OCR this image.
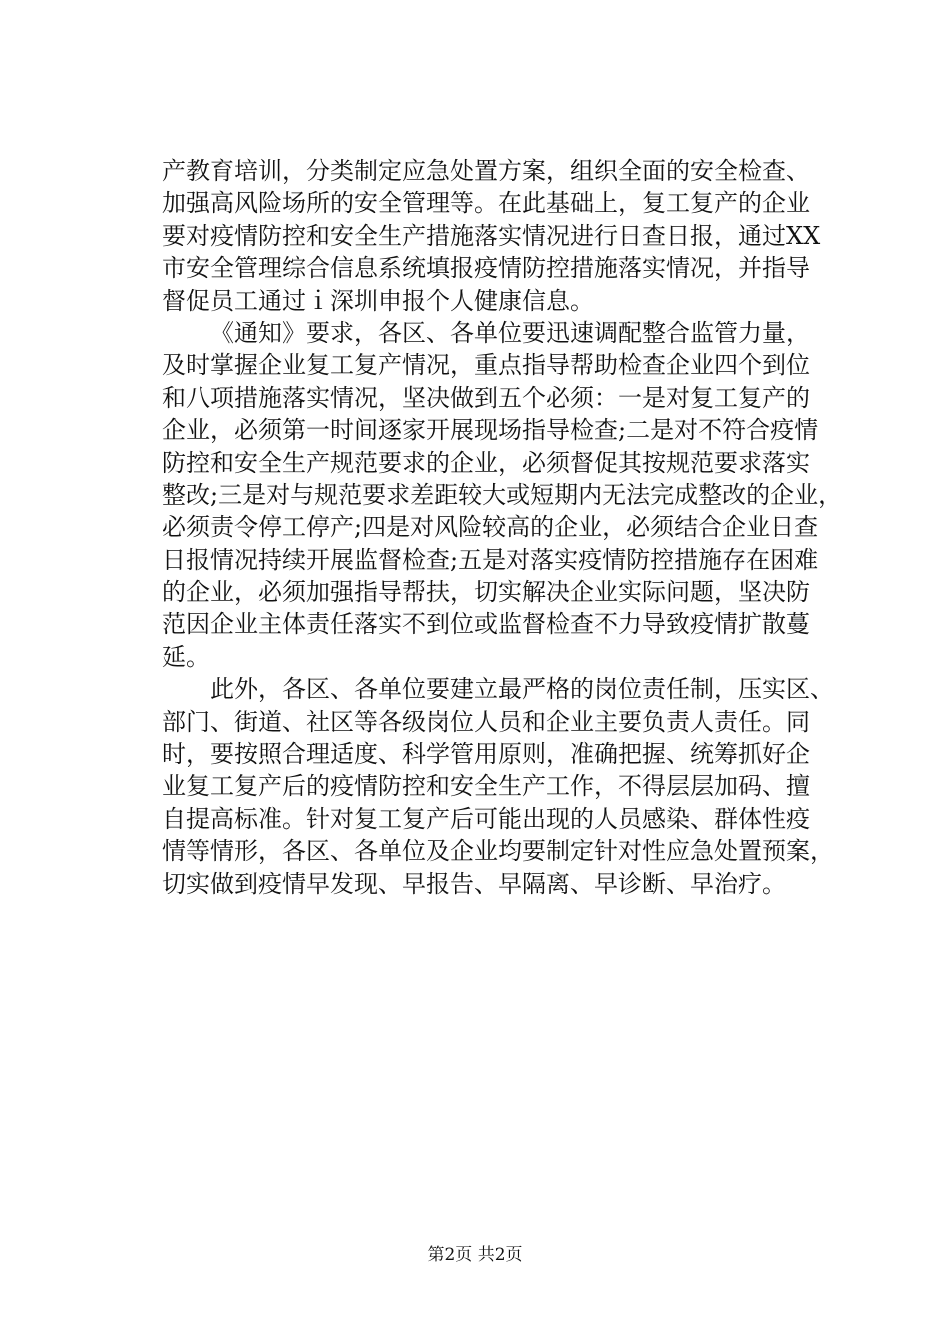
产教育培训，分类制定应急处置方案，组织全面的安全检查、
加强高风险场所的安全管理等。在此基础上，复工复产的企业
要对疫情防控和安全生产措施落实情况进行日查日报，通过XX
市安全管理综合信息系统填报疫情防控措施落实情况，并指导
督促员工通过ｉ深圳申报个人健康信息。
《通知》要求，各区、各单位要迅速调配整合监管力量，
及时掌握企业复工复产情况，重点指导帮助检查企业四个到位
和八项措施落实情况，坚决做到五个必须：一是对复工复产的
企业，必须第一时间逐家开展现场指导检查;二是对不符合疫情
防控和安全生产规范要求的企业，必须督促其按规范要求落实
整改;三是对与规范要求差距较大或短期内无法完成整改的企业，
必须责令停工停产;四是对风险较高的企业，必须结合企业日查
日报情况持续开展监督检查;五是对落实疫情防控措施存在困难
的企业，必须加强指导帮扶，切实解决企业实际问题，坚决防
范因企业主体责任落实不到位或监督检查不力导致疫情扩散蔓
延。
此外，各区、各单位要建立最严格的岗位责任制，压实区、
部门、街道、社区等各级岗位人员和企业主要负责人责任。同
时，要按照合理适度、科学管用原则，准确把握、统筹抓好企
业复工复产后的疫情防控和安全生产工作，不得层层加码、擅
自提高标准。针对复工复产后可能出现的人员感染、群体性疫
情等情形，各区、各单位及企业均要制定针对性应急处置预案，
切实做到疫情早发现、早报告、早隔离、早诊断、早治疗。
第2页 共2页
